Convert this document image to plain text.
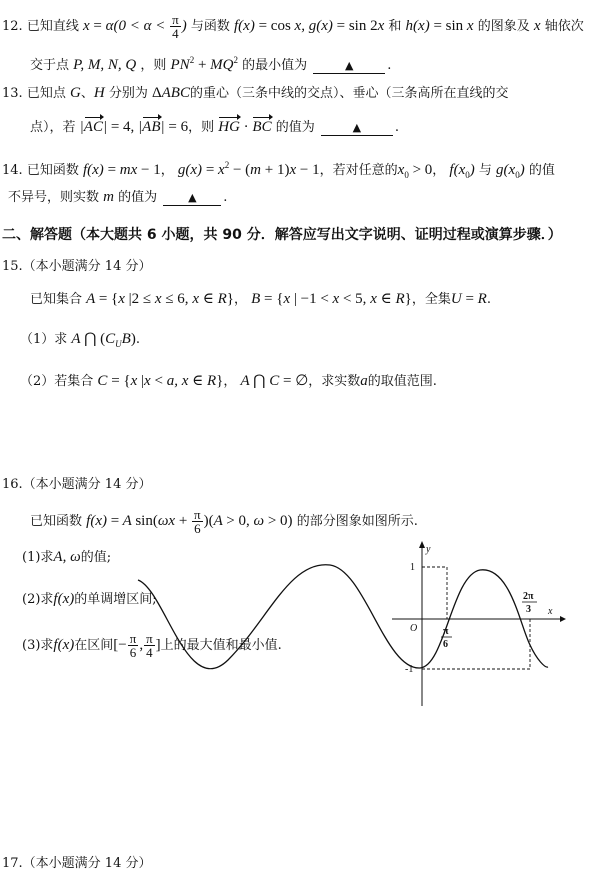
12. 已知直线 $x = \alpha(0 < \alpha < \frac{\pi}{4}$ ) 与函数 f(x) = cos x, g(x) = sin 2x 和 h(x) = sin x 的图象及 x 轴依次
交于点 P, M, N, Q ，则 $PN^2 + MQ^2$ 的最小值为	▲	.
13. 已知点 G、H 分别为 ΔABC的重心（三条中线的交点）、垂心（三条高所在直线的交
点），若 |AC| = 4, |AB| = 6，则 HG · BC 的值为	▲	.
14. 已知函数 f(x) = mx − 1， $g(x) = x^2 - (m + 1)x - 1$，若对任意的$x_0 > 0$， $f(x_0)$ 与 $g(x_0)$ 的值
不异号，则实数 m 的值为	▲ .
二、解答题（本大题共 6 小题，共 90 分．解答应写出文字说明、证明过程或演算步骤．）
15.（本小题满分 14 分）
已知集合 A = {x |2 ≤ x ≤ 6, x ∈ R}， B = {x | −1 < x < 5, x ∈ R}，全集U = R.
（1）求 A ⋂ $(C_UB)$.
（2）若集合 C = {x |x < a, x ∈ R}， A ⋂ C = ∅，求实数a的取值范围.
16.（本小题满分 14 分）
已知函数 f(x) = A $\sin(\omega x + \frac{\pi}{6} )(A > 0$, ω > 0) 的部分图象如图所示.
(1)求A, ω的值;
(2)求f(x)的单调增区间;
(3)求f(x)在区间[− $\frac{\pi}{6}$ , $\frac{\pi}{4}$ ]上的最大值和最小值.
y
x
O
1
-1
π
6
2π
3
17.（本小题满分 14 分）
